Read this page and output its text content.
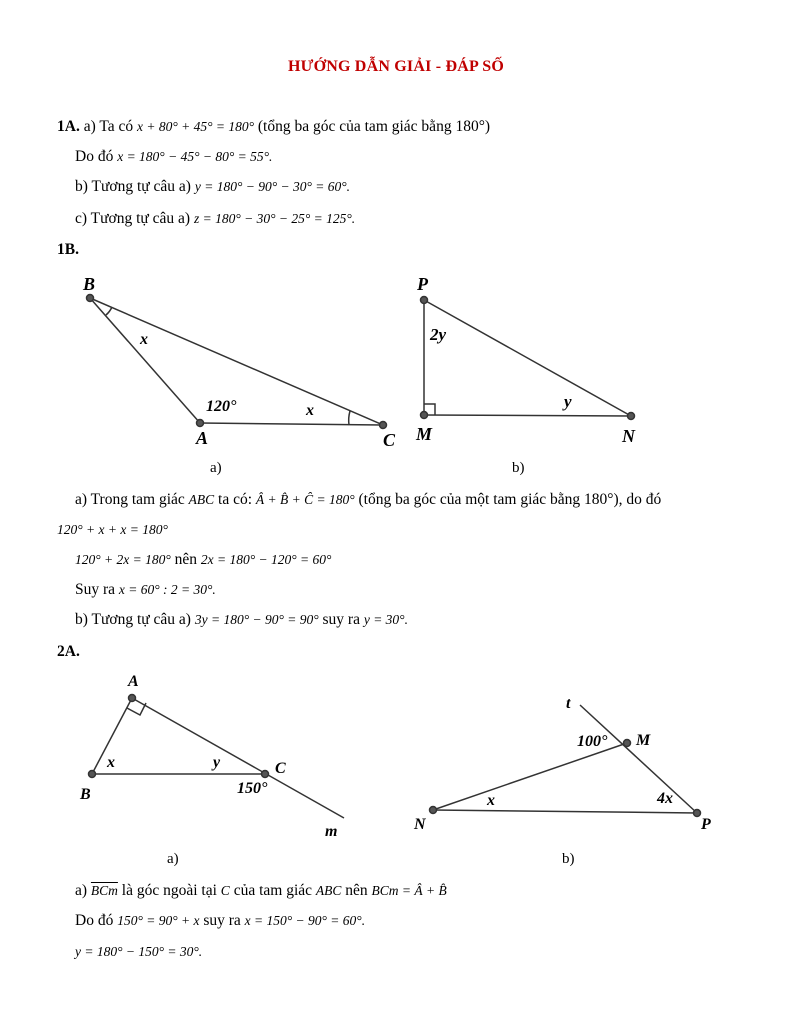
HƯỚNG DẪN GIẢI - ĐÁP SỐ
1A. a) Ta có x + 80° + 45° = 180° (tổng ba góc của tam giác bằng 180°)
Do đó x = 180° − 45° − 80° = 55°.
b) Tương tự câu a) y = 180° − 90° − 30° = 60°.
c) Tương tự câu a) z = 180° − 30° − 25° = 125°.
1B.
B
x
120°	x
A	C
a)
P
2y
y
M	N
b)
a) Trong tam giác ABC ta có: Â + B̂ + Ĉ = 180° (tổng ba góc của một tam giác bằng 180°), do đó
120° + x + x = 180°
120° + 2x = 180° nên 2x = 180° − 120° = 60°
Suy ra x = 60° : 2 = 30°.
b) Tương tự câu a) 3y = 180° − 90° = 90° suy ra y = 30°.
2A.
A
x	y	C
150°
B
m
a)
t
100° M
x	4x
N	P
b)
a) $\overline{BCm}$ là góc ngoài tại C của tam giác ABC nên BCm = Â + B̂
Do đó 150° = 90° + x suy ra x = 150° − 90° = 60°.
y = 180° − 150° = 30°.
